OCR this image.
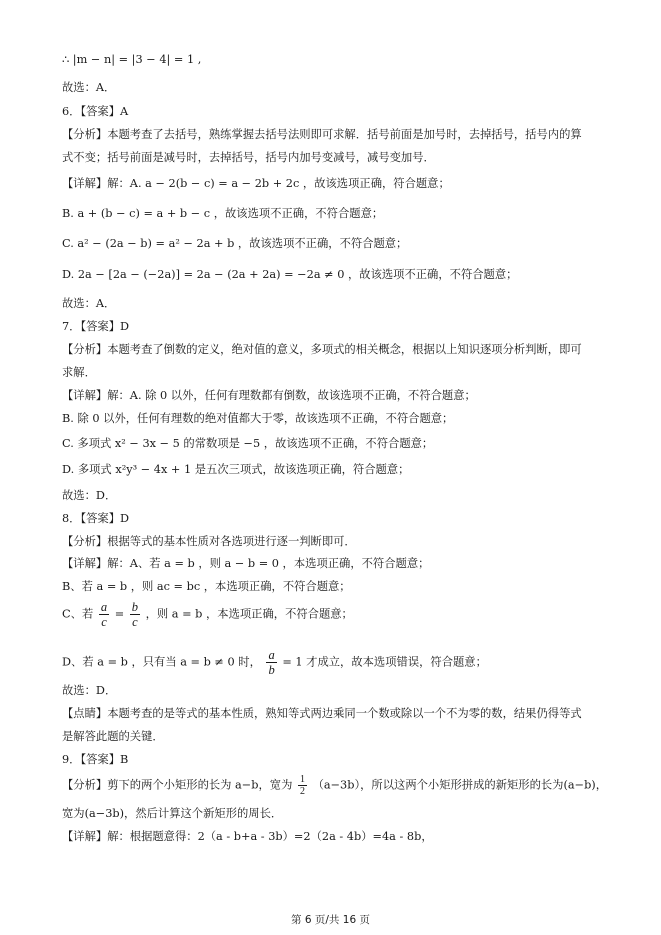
∴ |m − n| = |3 − 4| = 1 ,
故选：A．
6．【答案】A
【分析】本题考查了去括号，熟练掌握去括号法则即可求解．括号前面是加号时，去掉括号，括号内的算
式不变；括号前面是减号时，去掉括号，括号内加号变减号，减号变加号．
【详解】解：A. a − 2(b − c) = a − 2b + 2c ，故该选项正确，符合题意；
B. a + (b − c) = a + b − c ，故该选项不正确，不符合题意；
C. a² − (2a − b) = a² − 2a + b ，故该选项不正确，不符合题意；
D. 2a − [2a − (−2a)] = 2a − (2a + 2a) = −2a ≠ 0 ，故该选项不正确，不符合题意；
故选：A．
7．【答案】D
【分析】本题考查了倒数的定义，绝对值的意义，多项式的相关概念，根据以上知识逐项分析判断，即可
求解．
【详解】解：A. 除 0 以外，任何有理数都有倒数，故该选项不正确，不符合题意；
B. 除 0 以外，任何有理数的绝对值都大于零，故该选项不正确，不符合题意；
C. 多项式 x² − 3x − 5 的常数项是 −5 ，故该选项不正确，不符合题意；
D. 多项式 x²y³ − 4x + 1 是五次三项式，故该选项正确，符合题意；
故选：D．
8．【答案】D
【分析】根据等式的基本性质对各选项进行逐一判断即可．
【详解】解：A、若 a = b ，则 a − b = 0 ，本选项正确，不符合题意；
B、若 a = b ，则 ac = bc ，本选项正确，不符合题意；
C、若 $\frac{a}{c} = \frac{b}{c}$ ，则 a = b ，本选项正确，不符合题意；
D、若 a = b ，只有当 a = b ≠ 0 时， $\frac{a}{b} = 1$ 才成立，故本选项错误，符合题意；
故选：D．
【点睛】本题考查的是等式的基本性质，熟知等式两边乘同一个数或除以一个不为零的数，结果仍得等式
是解答此题的关键．
9．【答案】B
【分析】剪下的两个小矩形的长为 a−b，宽为 $\frac{1}{2} (a-3b)$，所以这两个小矩形拼成的新矩形的长为(a−b)，
宽为(a−3b)，然后计算这个新矩形的周长．
【详解】解：根据题意得：2（a - b+a - 3b）=2（2a - 4b）=4a - 8b，
第 6 页/共 16 页
